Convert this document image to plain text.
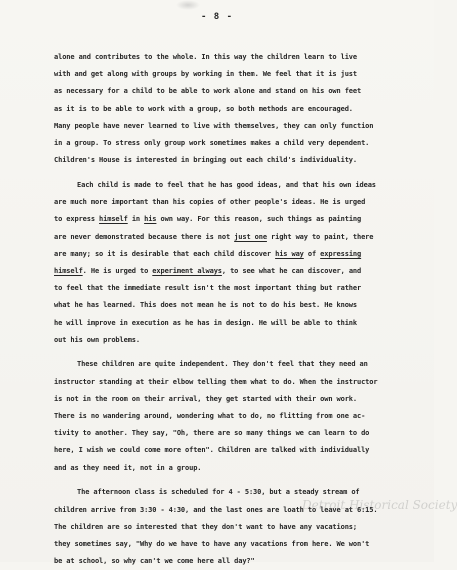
- 8 -

alone and contributes to the whole. In this way the children learn to live

with and get along with groups by working in them. We feel that it is just

as necessary for a child to be able to work alone and stand on his own feet

as it is to be able to work with a group, so both methods are encouraged.

Many people have never learned to live with themselves, they can only function

in a group. To stress only group work sometimes makes a child very dependent.

Children's House is interested in bringing out each child's individuality.

Each child is made to feel that he has good ideas, and that his own ideas

are much more important than his copies of other people's ideas. He is urged

to express himself in his own way. For this reason, such things as painting

are never demonstrated because there is not just one right way to paint, there

are many; so it is desirable that each child discover his way of expressing

himself. He is urged to experiment always, to see what he can discover, and

to feel that the immediate result isn't the most important thing but rather

what he has learned. This does not mean he is not to do his best. He knows

he will improve in execution as he has in design. He will be able to think

out his own problems.

These children are quite independent. They don't feel that they need an

instructor standing at their elbow telling them what to do. When the instructor

is not in the room on their arrival, they get started with their own work.

There is no wandering around, wondering what to do, no flitting from one ac-

tivity to another. They say, "Oh, there are so many things we can learn to do

here, I wish we could come more often". Children are talked with individually

and as they need it, not in a group.

The afternoon class is scheduled for 4 - 5:30, but a steady stream of

children arrive from 3:30 - 4:30, and the last ones are loath to leave at 6:15.

The children are so interested that they don't want to have any vacations;

they sometimes say, "Why do we have to have any vacations from here. We won't

be at school, so why can't we come here all day?"

Detroit Historical Society
